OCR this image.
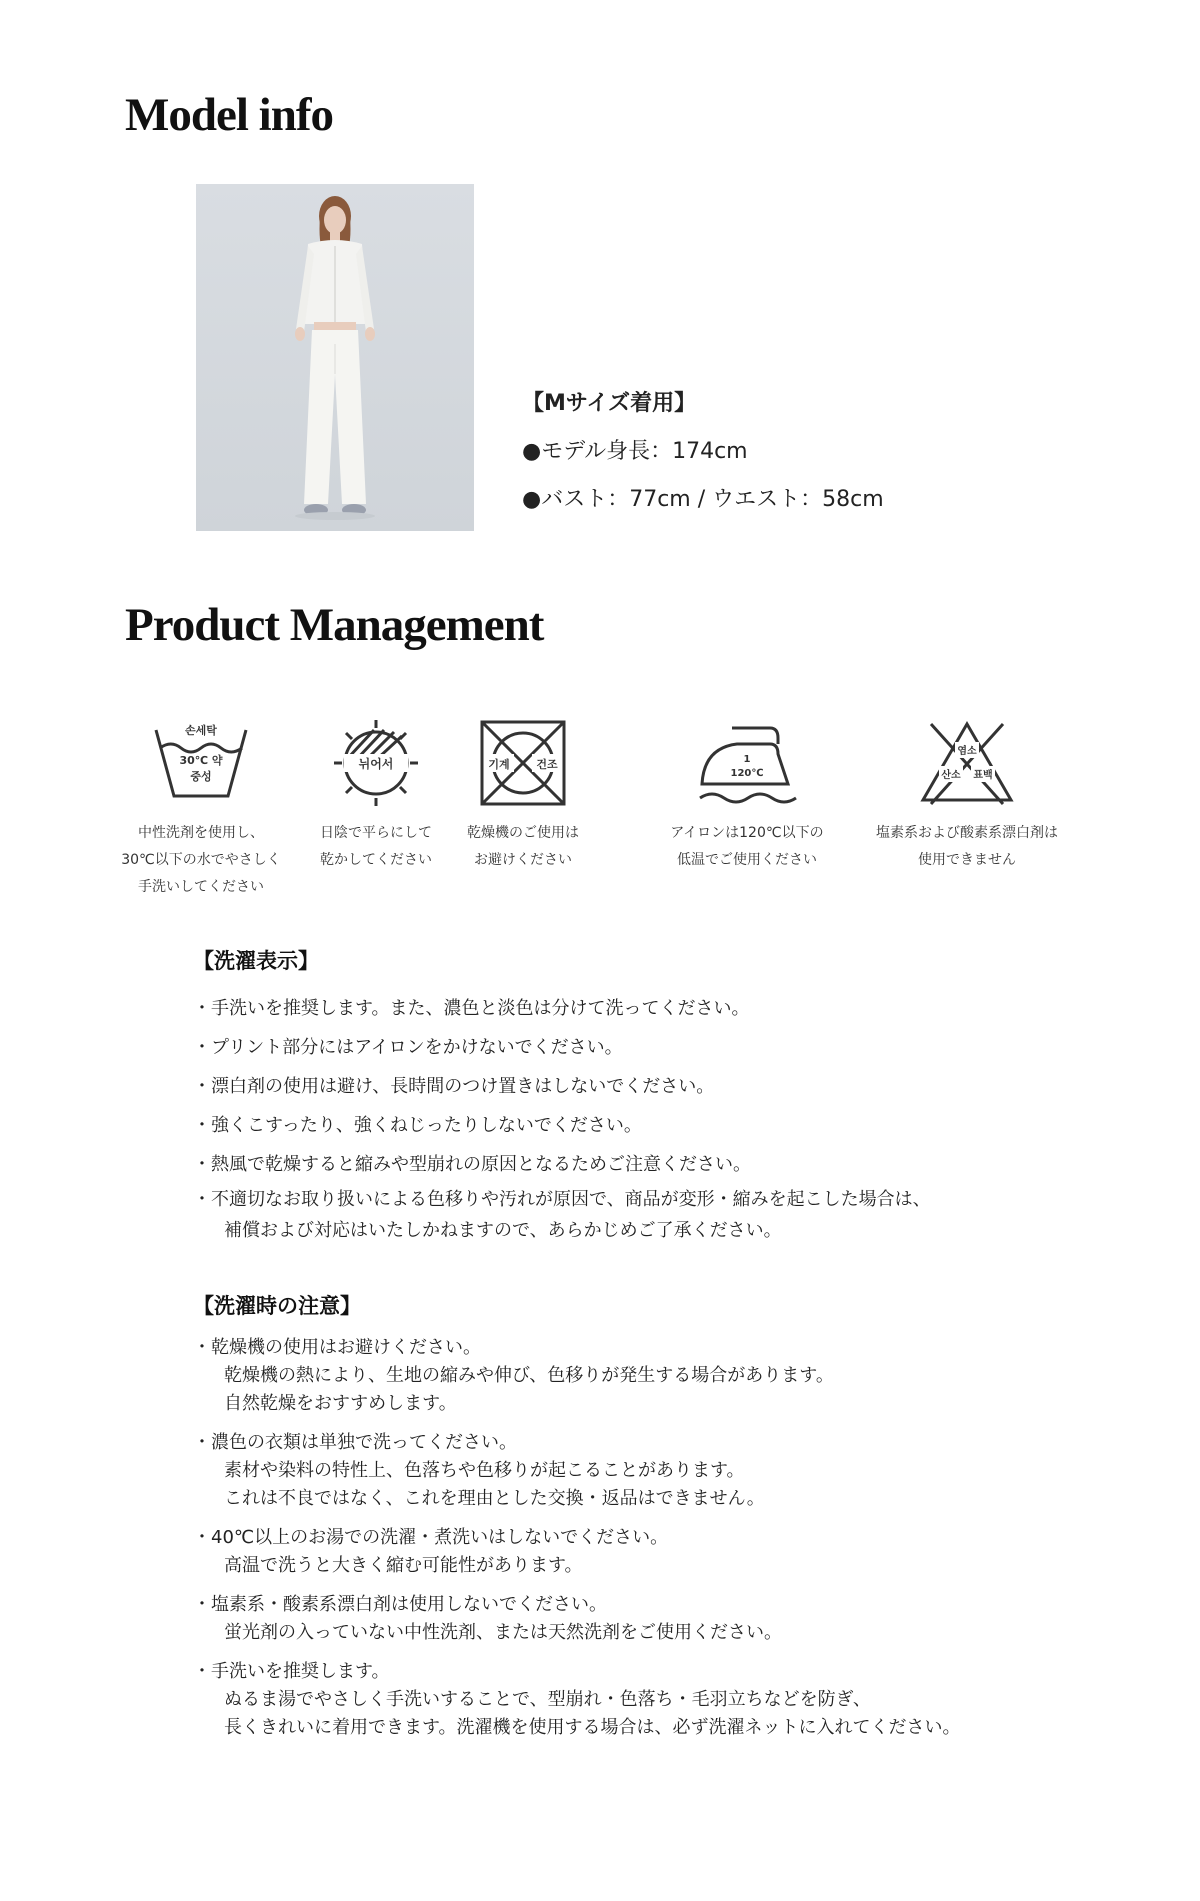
Model info
【Mサイズ着用】
●モデル身長：174cm
●バスト：77cm / ウエスト：58cm
Product Management
손세탁
30℃ 약
중성
中性洗剤を使用し、
30℃以下の水でやさしく
手洗いしてください
뉘어서
日陰で平らにして
乾かしてください
기계 건조
乾燥機のご使用は
お避けください
1
120℃
アイロンは120℃以下の
低温でご使用ください
염소
산소 표백
塩素系および酸素系漂白剤は
使用できません
【洗濯表示】
・手洗いを推奨します。また、濃色と淡色は分けて洗ってください。
・プリント部分にはアイロンをかけないでください。
・漂白剤の使用は避け、長時間のつけ置きはしないでください。
・強くこすったり、強くねじったりしないでください。
・熱風で乾燥すると縮みや型崩れの原因となるためご注意ください。
・不適切なお取り扱いによる色移りや汚れが原因で、商品が変形・縮みを起こした場合は、
補償および対応はいたしかねますので、あらかじめご了承ください。
【洗濯時の注意】
・乾燥機の使用はお避けください。
乾燥機の熱により、生地の縮みや伸び、色移りが発生する場合があります。
自然乾燥をおすすめします。
・濃色の衣類は単独で洗ってください。
素材や染料の特性上、色落ちや色移りが起こることがあります。
これは不良ではなく、これを理由とした交換・返品はできません。
・40℃以上のお湯での洗濯・煮洗いはしないでください。
高温で洗うと大きく縮む可能性があります。
・塩素系・酸素系漂白剤は使用しないでください。
蛍光剤の入っていない中性洗剤、または天然洗剤をご使用ください。
・手洗いを推奨します。
ぬるま湯でやさしく手洗いすることで、型崩れ・色落ち・毛羽立ちなどを防ぎ、
長くきれいに着用できます。洗濯機を使用する場合は、必ず洗濯ネットに入れてください。
